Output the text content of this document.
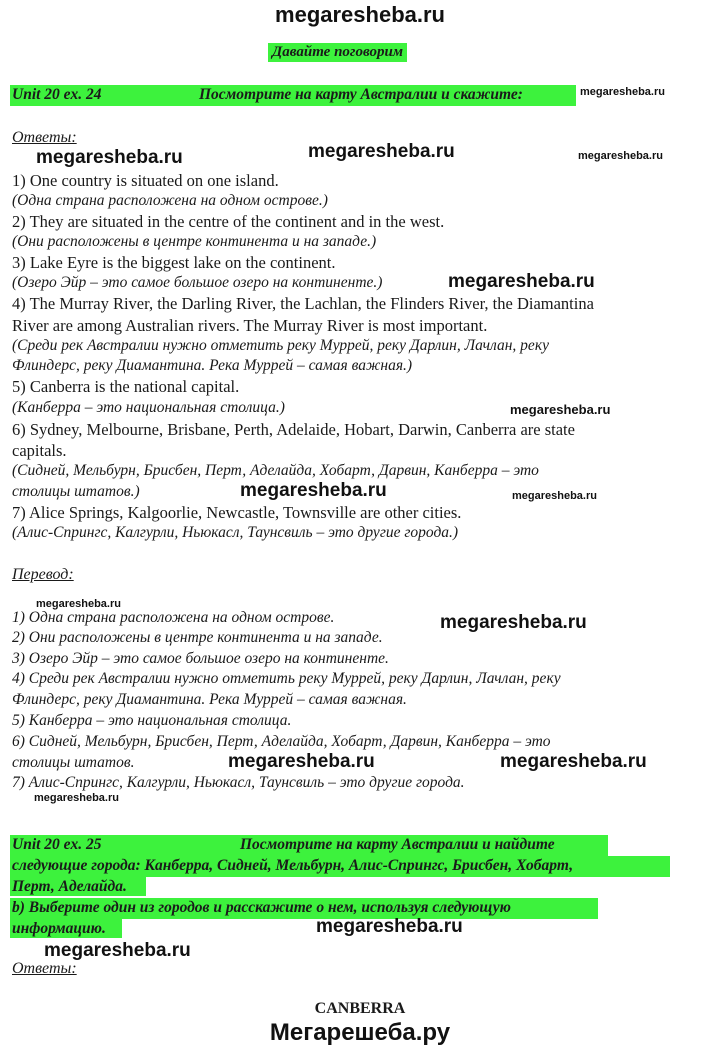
megaresheba.ru
Давайте поговорим
Unit 20 ex. 24	Посмотрите на карту Австралии и скажите:	megaresheba.ru
Ответы:
megaresheba.ru	megaresheba.ru	megaresheba.ru
1) One country is situated on one island.
(Одна страна расположена на одном острове.)
2) They are situated in the centre of the continent and in the west.
(Они расположены в центре континента и на западе.)
3) Lake Eyre is the biggest lake on the continent.
(Озеро Эйр – это самое большое озеро на континенте.)	megaresheba.ru
4) The Murray River, the Darling River, the Lachlan, the Flinders River, the Diamantina
River are among Australian rivers. The Murray River is most important.
(Среди рек Австралии нужно отметить реку Муррей, реку Дарлин, Лачлан, реку
Флиндерс, реку Диамантина. Река Муррей – самая важная.)
5) Canberra is the national capital.
(Канберра – это национальная столица.)	megaresheba.ru
6) Sydney, Melbourne, Brisbane, Perth, Adelaide, Hobart, Darwin, Canberra are state
capitals.
(Сидней, Мельбурн, Брисбен, Перт, Аделайда, Хобарт, Дарвин, Канберра – это
столицы штатов.)	megaresheba.ru	megaresheba.ru
7) Alice Springs, Kalgoorlie, Newcastle, Townsville are other cities.
(Алис-Спрингс, Калгурли, Ньюкасл, Таунсвиль – это другие города.)
Перевод:
megaresheba.ru
1) Одна страна расположена на одном острове.	megaresheba.ru
2) Они расположены в центре континента и на западе.
3) Озеро Эйр – это самое большое озеро на континенте.
4) Среди рек Австралии нужно отметить реку Муррей, реку Дарлин, Лачлан, реку
Флиндерс, реку Диамантина. Река Муррей – самая важная.
5) Канберра – это национальная столица.
6) Сидней, Мельбурн, Брисбен, Перт, Аделайда, Хобарт, Дарвин, Канберра – это
столицы штатов.	megaresheba.ru	megaresheba.ru
7) Алис-Спрингс, Калгурли, Ньюкасл, Таунсвиль – это другие города.
megaresheba.ru
Unit 20 ex. 25	Посмотрите на карту Австралии и найдите
следующие города: Канберра, Сидней, Мельбурн, Алис-Спрингс, Брисбен, Хобарт,
Перт, Аделайда.
b) Выберите один из городов и расскажите о нем, используя следующую
информацию.	megaresheba.ru
megaresheba.ru
Ответы:
CANBERRA
Мегарешеба.ру
